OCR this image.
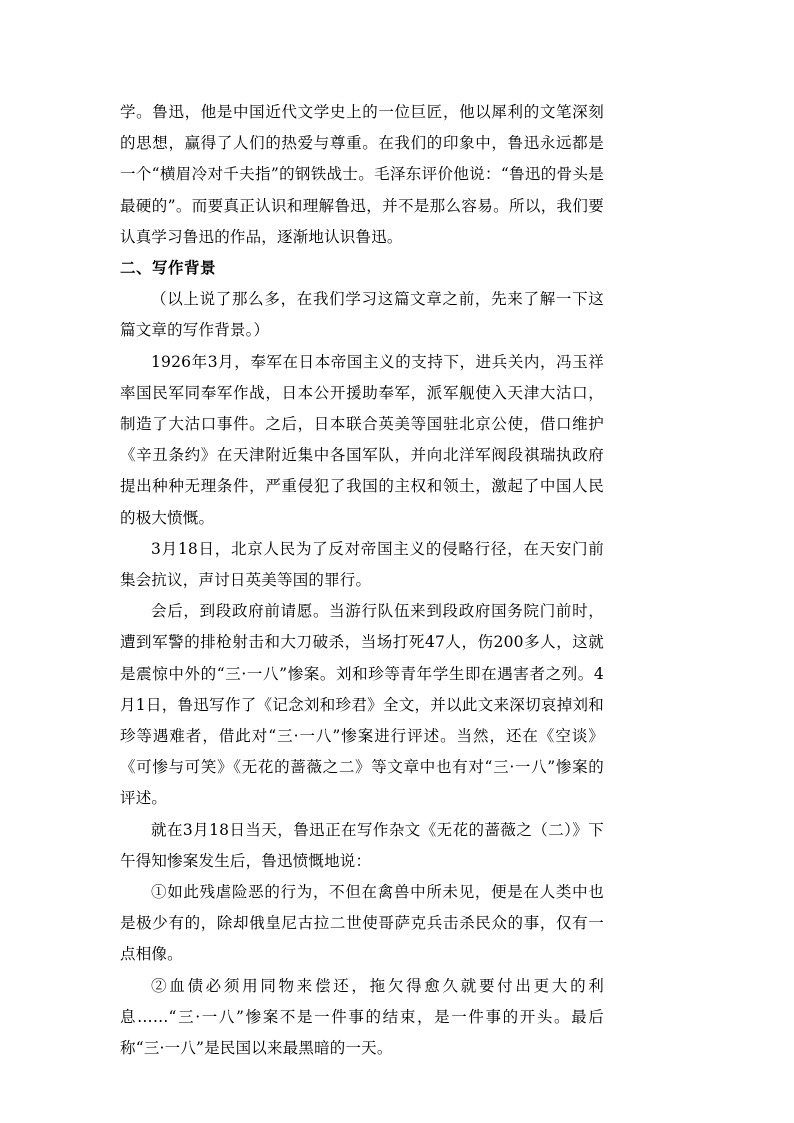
学。鲁迅，他是中国近代文学史上的一位巨匠，他以犀利的文笔深刻的思想，赢得了人们的热爱与尊重。在我们的印象中，鲁迅永远都是一个“横眉冷对千夫指”的钢铁战士。毛泽东评价他说：“鲁迅的骨头是最硬的”。而要真正认识和理解鲁迅，并不是那么容易。所以，我们要认真学习鲁迅的作品，逐渐地认识鲁迅。

二、写作背景

（以上说了那么多，在我们学习这篇文章之前，先来了解一下这篇文章的写作背景。）

1926年3月，奉军在日本帝国主义的支持下，进兵关内，冯玉祥率国民军同奉军作战，日本公开援助奉军，派军舰使入天津大沽口，制造了大沽口事件。之后，日本联合英美等国驻北京公使，借口维护《辛丑条约》在天津附近集中各国军队，并向北洋军阀段祺瑞执政府提出种种无理条件，严重侵犯了我国的主权和领土，激起了中国人民的极大愤慨。

3月18日，北京人民为了反对帝国主义的侵略行径，在天安门前集会抗议，声讨日英美等国的罪行。

会后，到段政府前请愿。当游行队伍来到段政府国务院门前时，遭到军警的排枪射击和大刀破杀，当场打死47人，伤200多人，这就是震惊中外的“三·一八”惨案。刘和珍等青年学生即在遇害者之列。4月1日，鲁迅写作了《记念刘和珍君》全文，并以此文来深切哀掉刘和珍等遇难者，借此对“三·一八”惨案进行评述。当然，还在《空谈》《可惨与可笑》《无花的蔷薇之二》等文章中也有对“三·一八”惨案的评述。

就在3月18日当天，鲁迅正在写作杂文《无花的蔷薇之（二）》下午得知惨案发生后，鲁迅愤慨地说：

①如此残虐险恶的行为，不但在禽兽中所未见，便是在人类中也是极少有的，除却俄皇尼古拉二世使哥萨克兵击杀民众的事，仅有一点相像。

②血债必须用同物来偿还，拖欠得愈久就要付出更大的利息……“三·一八”惨案不是一件事的结束，是一件事的开头。最后称“三·一八”是民国以来最黑暗的一天。
